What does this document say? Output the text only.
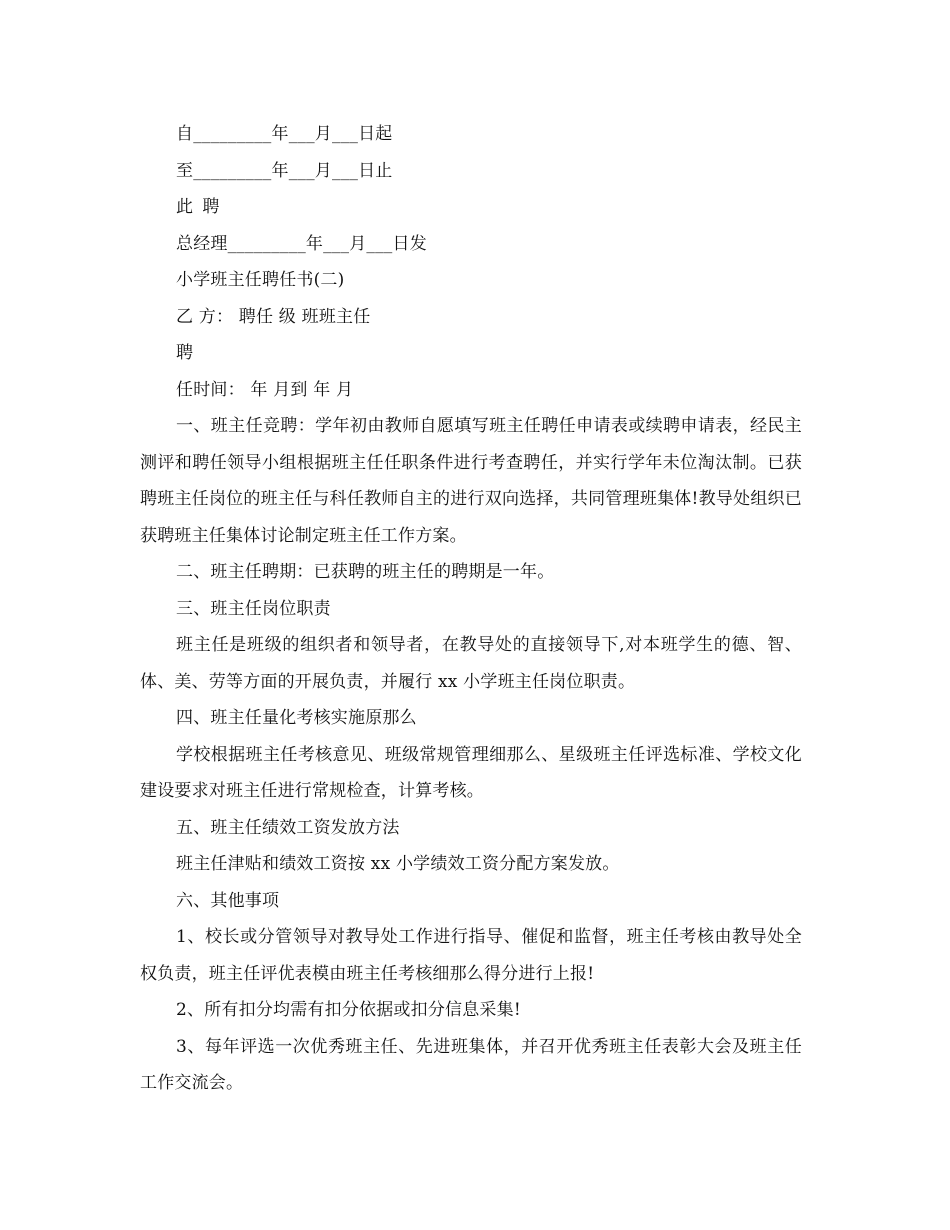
自_________年___月___日起

至_________年___月___日止

此 聘

总经理_________年___月___日发

小学班主任聘任书(二)

乙 方： 聘任 级 班班主任

聘

任时间： 年 月到 年 月

一、班主任竞聘：学年初由教师自愿填写班主任聘任申请表或续聘申请表，经民主测评和聘任领导小组根据班主任任职条件进行考查聘任，并实行学年未位淘汰制。已获聘班主任岗位的班主任与科任教师自主的进行双向选择，共同管理班集体!教导处组织已获聘班主任集体讨论制定班主任工作方案。

二、班主任聘期：已获聘的班主任的聘期是一年。

三、班主任岗位职责

班主任是班级的组织者和领导者，在教导处的直接领导下,对本班学生的德、智、体、美、劳等方面的开展负责，并履行 xx 小学班主任岗位职责。

四、班主任量化考核实施原那么

学校根据班主任考核意见、班级常规管理细那么、星级班主任评选标准、学校文化建设要求对班主任进行常规检查，计算考核。

五、班主任绩效工资发放方法

班主任津贴和绩效工资按 xx 小学绩效工资分配方案发放。

六、其他事项

1、校长或分管领导对教导处工作进行指导、催促和监督，班主任考核由教导处全权负责，班主任评优表模由班主任考核细那么得分进行上报!

2、所有扣分均需有扣分依据或扣分信息采集!

3、每年评选一次优秀班主任、先进班集体，并召开优秀班主任表彰大会及班主任工作交流会。
